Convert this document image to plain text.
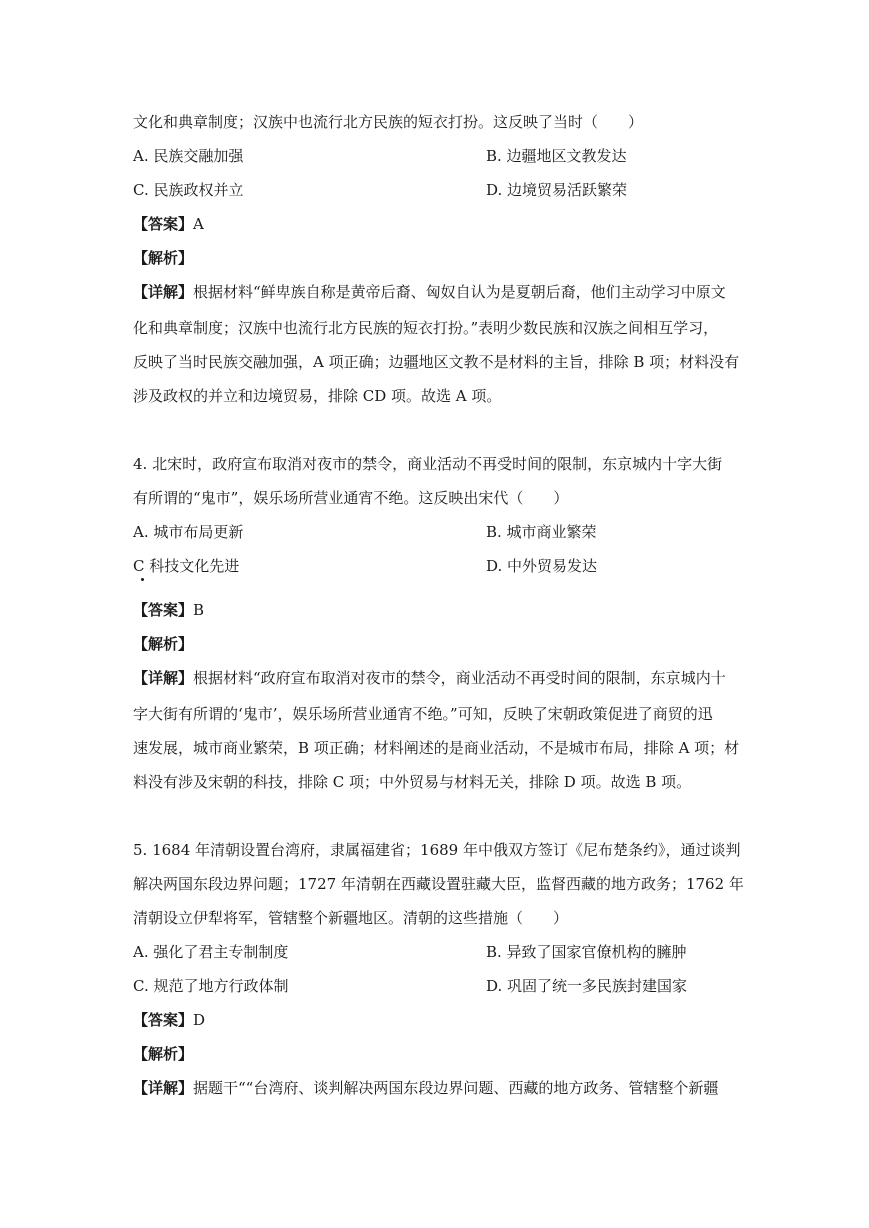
文化和典章制度；汉族中也流行北方民族的短衣打扮。这反映了当时（　　）
A. 民族交融加强	B. 边疆地区文教发达
C. 民族政权并立	D. 边境贸易活跃繁荣
【答案】A
【解析】
【详解】根据材料“鲜卑族自称是黄帝后裔、匈奴自认为是夏朝后裔，他们主动学习中原文
化和典章制度；汉族中也流行北方民族的短衣打扮。”表明少数民族和汉族之间相互学习，
反映了当时民族交融加强，A 项正确；边疆地区文教不是材料的主旨，排除 B 项；材料没有
涉及政权的并立和边境贸易，排除 CD 项。故选 A 项。
4. 北宋时，政府宣布取消对夜市的禁令，商业活动不再受时间的限制，东京城内十字大街
有所谓的“鬼市”，娱乐场所营业通宵不绝。这反映出宋代（　　）
A. 城市布局更新	B. 城市商业繁荣
C 科技文化先进	D. 中外贸易发达
【答案】B
【解析】
【详解】根据材料“政府宣布取消对夜市的禁令，商业活动不再受时间的限制，东京城内十
字大街有所谓的‘鬼市’，娱乐场所营业通宵不绝。”可知，反映了宋朝政策促进了商贸的迅
速发展，城市商业繁荣，B 项正确；材料阐述的是商业活动，不是城市布局，排除 A 项；材
料没有涉及宋朝的科技，排除 C 项；中外贸易与材料无关，排除 D 项。故选 B 项。
5. 1684 年清朝设置台湾府，隶属福建省；1689 年中俄双方签订《尼布楚条约》，通过谈判
解决两国东段边界问题；1727 年清朝在西藏设置驻藏大臣，监督西藏的地方政务；1762 年
清朝设立伊犁将军，管辖整个新疆地区。清朝的这些措施（　　）
A. 强化了君主专制制度	B. 异致了国家官僚机构的臃肿
C. 规范了地方行政体制	D. 巩固了统一多民族封建国家
【答案】D
【解析】
【详解】据题干““台湾府、谈判解决两国东段边界问题、西藏的地方政务、管辖整个新疆
